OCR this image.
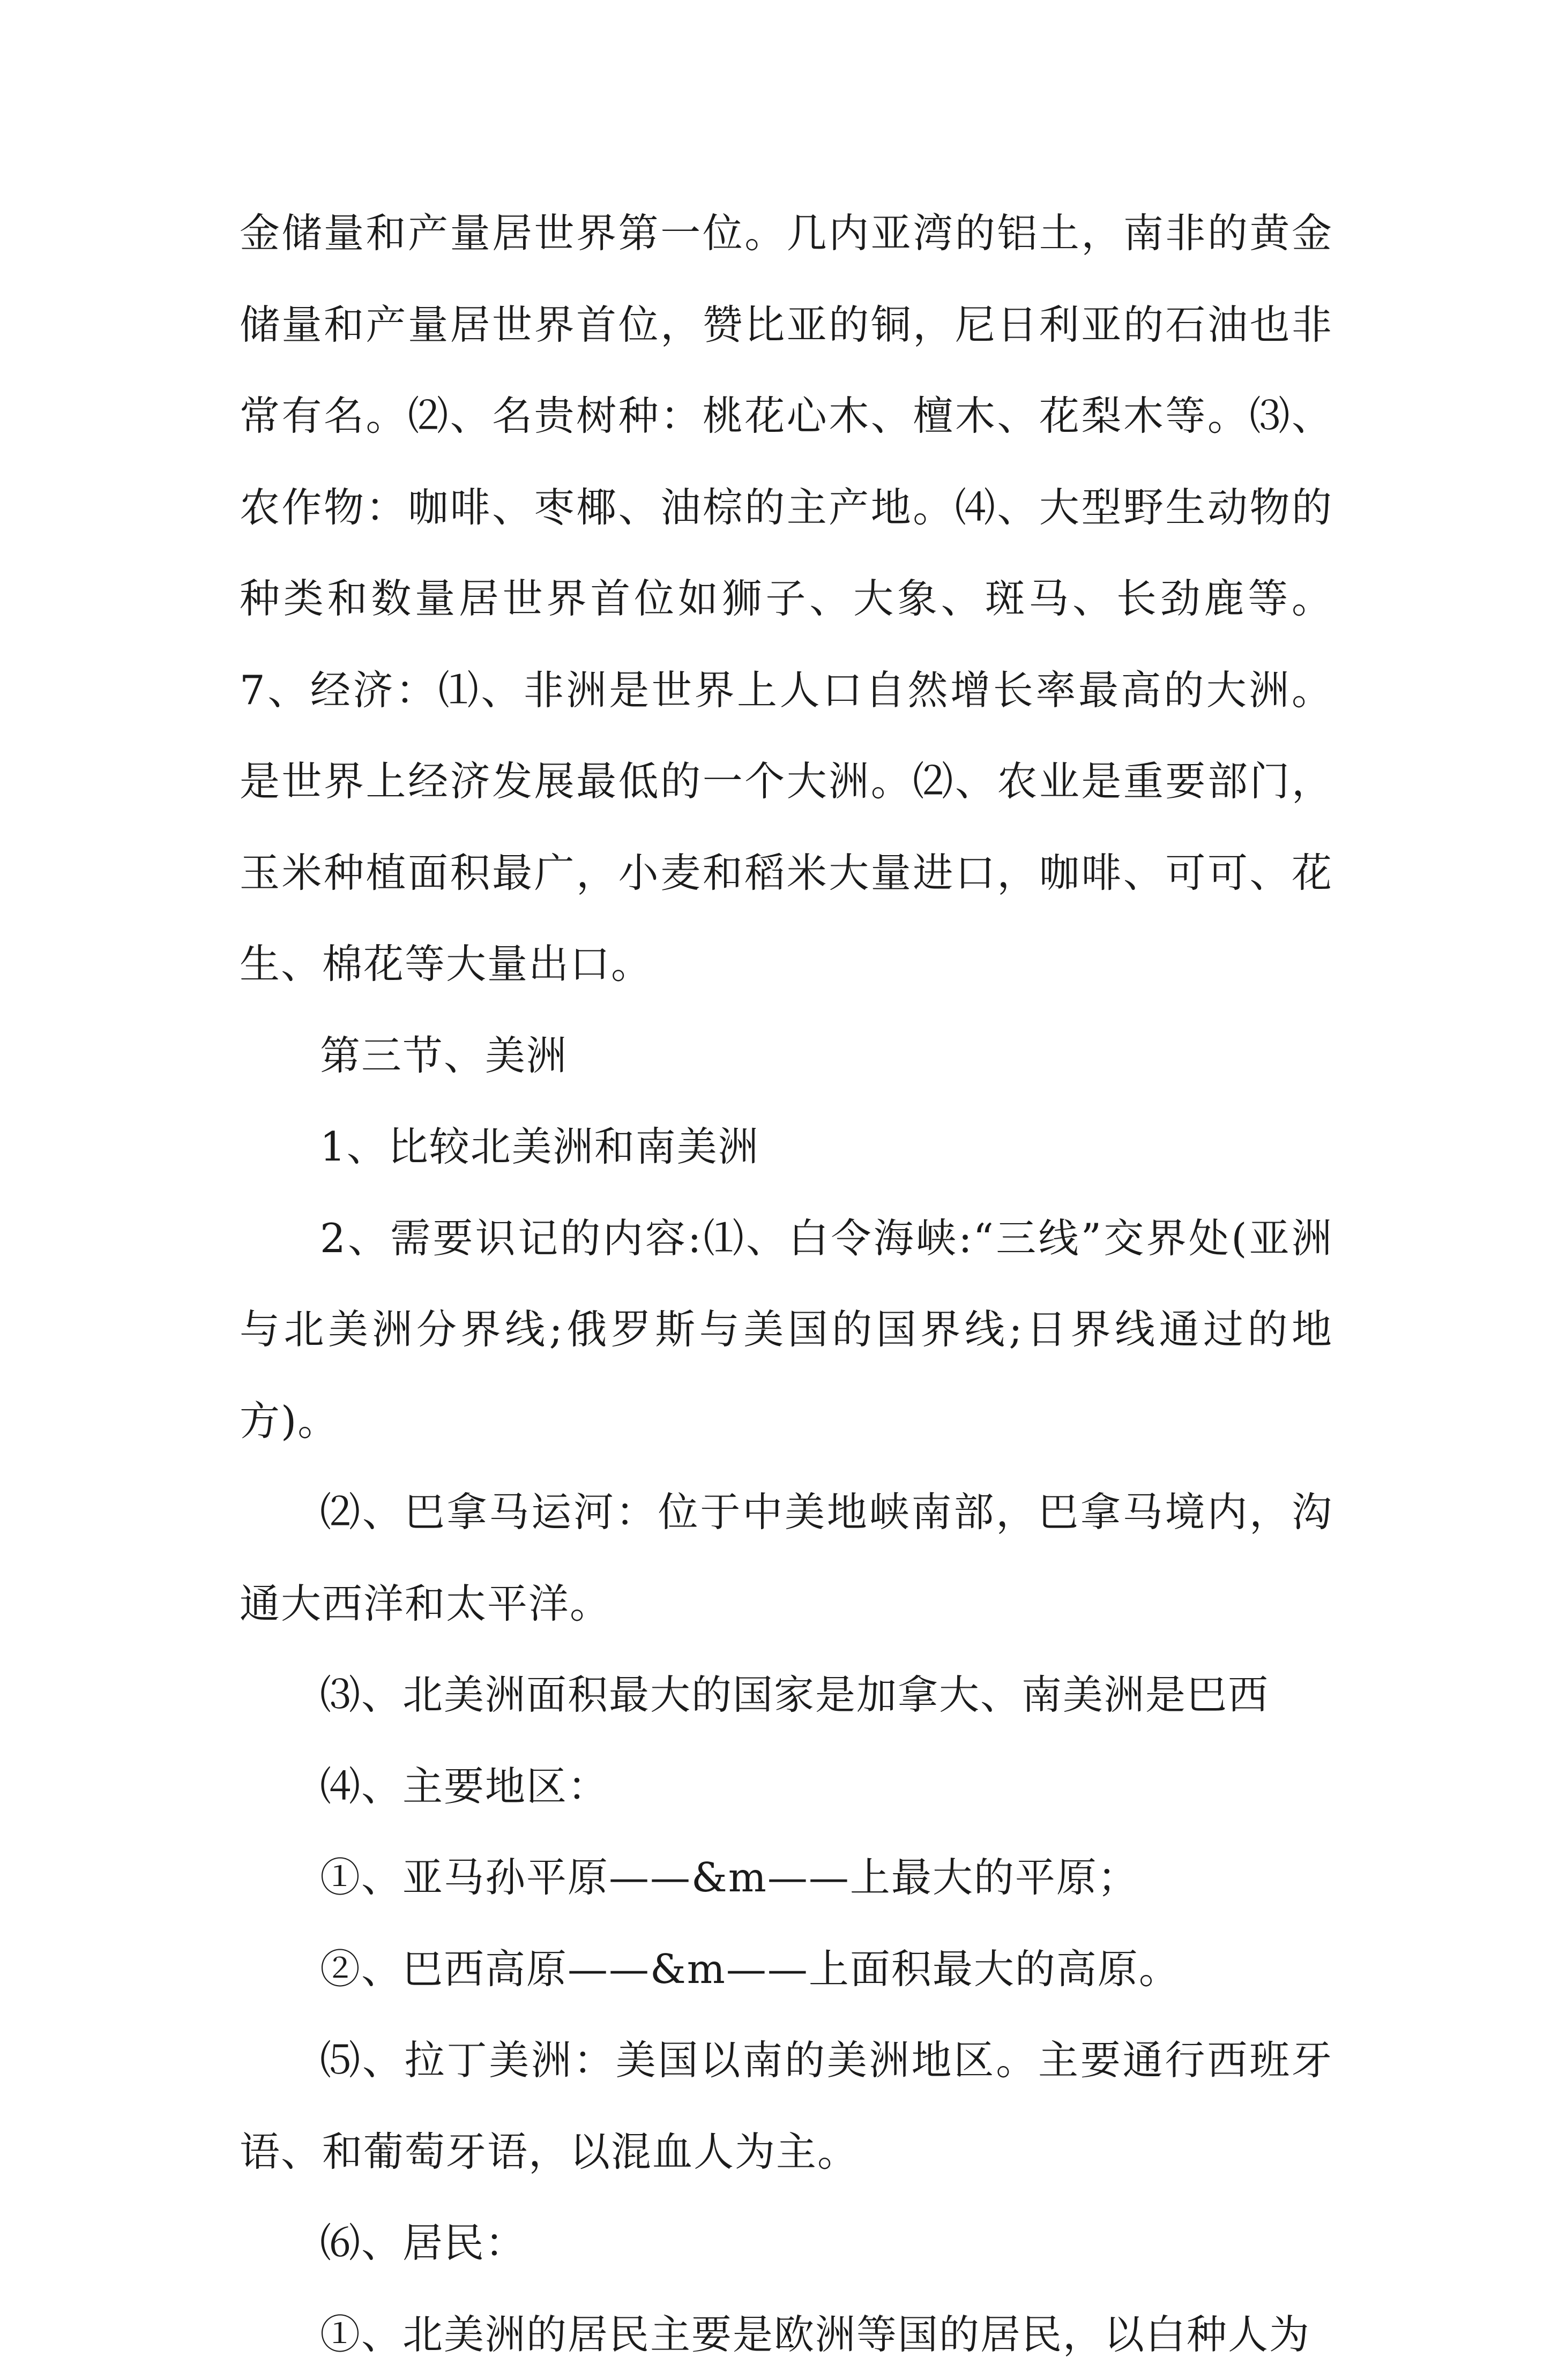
金储量和产量居世界第一位。几内亚湾的铝土，南非的黄金储量和产量居世界首位，赞比亚的铜，尼日利亚的石油也非常有名。⑵、名贵树种：桃花心木、檀木、花梨木等。⑶、农作物：咖啡、枣椰、油棕的主产地。⑷、大型野生动物的种类和数量居世界首位如狮子、大象、斑马、长劲鹿等。7、经济：⑴、非洲是世界上人口自然增长率最高的大洲。是世界上经济发展最低的一个大洲。⑵、农业是重要部门，玉米种植面积最广，小麦和稻米大量进口，咖啡、可可、花生、棉花等大量出口。

第三节、美洲

1、比较北美洲和南美洲

2、需要识记的内容:⑴、白令海峡:“三线”交界处(亚洲与北美洲分界线;俄罗斯与美国的国界线;日界线通过的地方)。

⑵、巴拿马运河：位于中美地峡南部，巴拿马境内，沟通大西洋和太平洋。

⑶、北美洲面积最大的国家是加拿大、南美洲是巴西

⑷、主要地区：

①、亚马孙平原——&m——上最大的平原；

②、巴西高原——&m——上面积最大的高原。

⑸、拉丁美洲：美国以南的美洲地区。主要通行西班牙语、和葡萄牙语，以混血人为主。

⑹、居民：

①、北美洲的居民主要是欧洲等国的居民，以白种人为
